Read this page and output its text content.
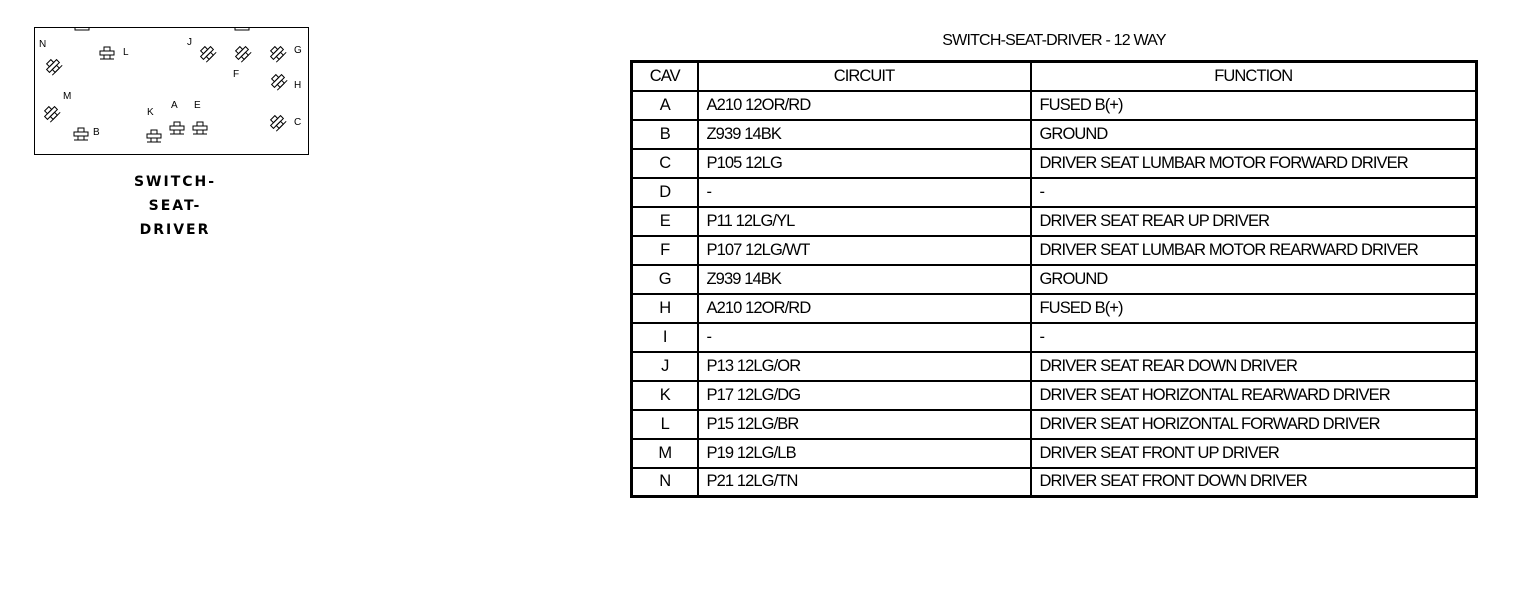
N
L
J
G
F
H
M
K
A E
B
C
SWITCH-
SEAT-
DRIVER
SWITCH-SEAT-DRIVER - 12 WAY
CAV	CIRCUIT	FUNCTION
A	A210 12OR/RD	FUSED B(+)
B	Z939 14BK	GROUND
C	P105 12LG	DRIVER SEAT LUMBAR MOTOR FORWARD DRIVER
D	-	-
E	P11 12LG/YL	DRIVER SEAT REAR UP DRIVER
F	P107 12LG/WT	DRIVER SEAT LUMBAR MOTOR REARWARD DRIVER
G	Z939 14BK	GROUND
H	A210 12OR/RD	FUSED B(+)
I	-	-
J	P13 12LG/OR	DRIVER SEAT REAR DOWN DRIVER
K	P17 12LG/DG	DRIVER SEAT HORIZONTAL REARWARD DRIVER
L	P15 12LG/BR	DRIVER SEAT HORIZONTAL FORWARD DRIVER
M	P19 12LG/LB	DRIVER SEAT FRONT UP DRIVER
N	P21 12LG/TN	DRIVER SEAT FRONT DOWN DRIVER
